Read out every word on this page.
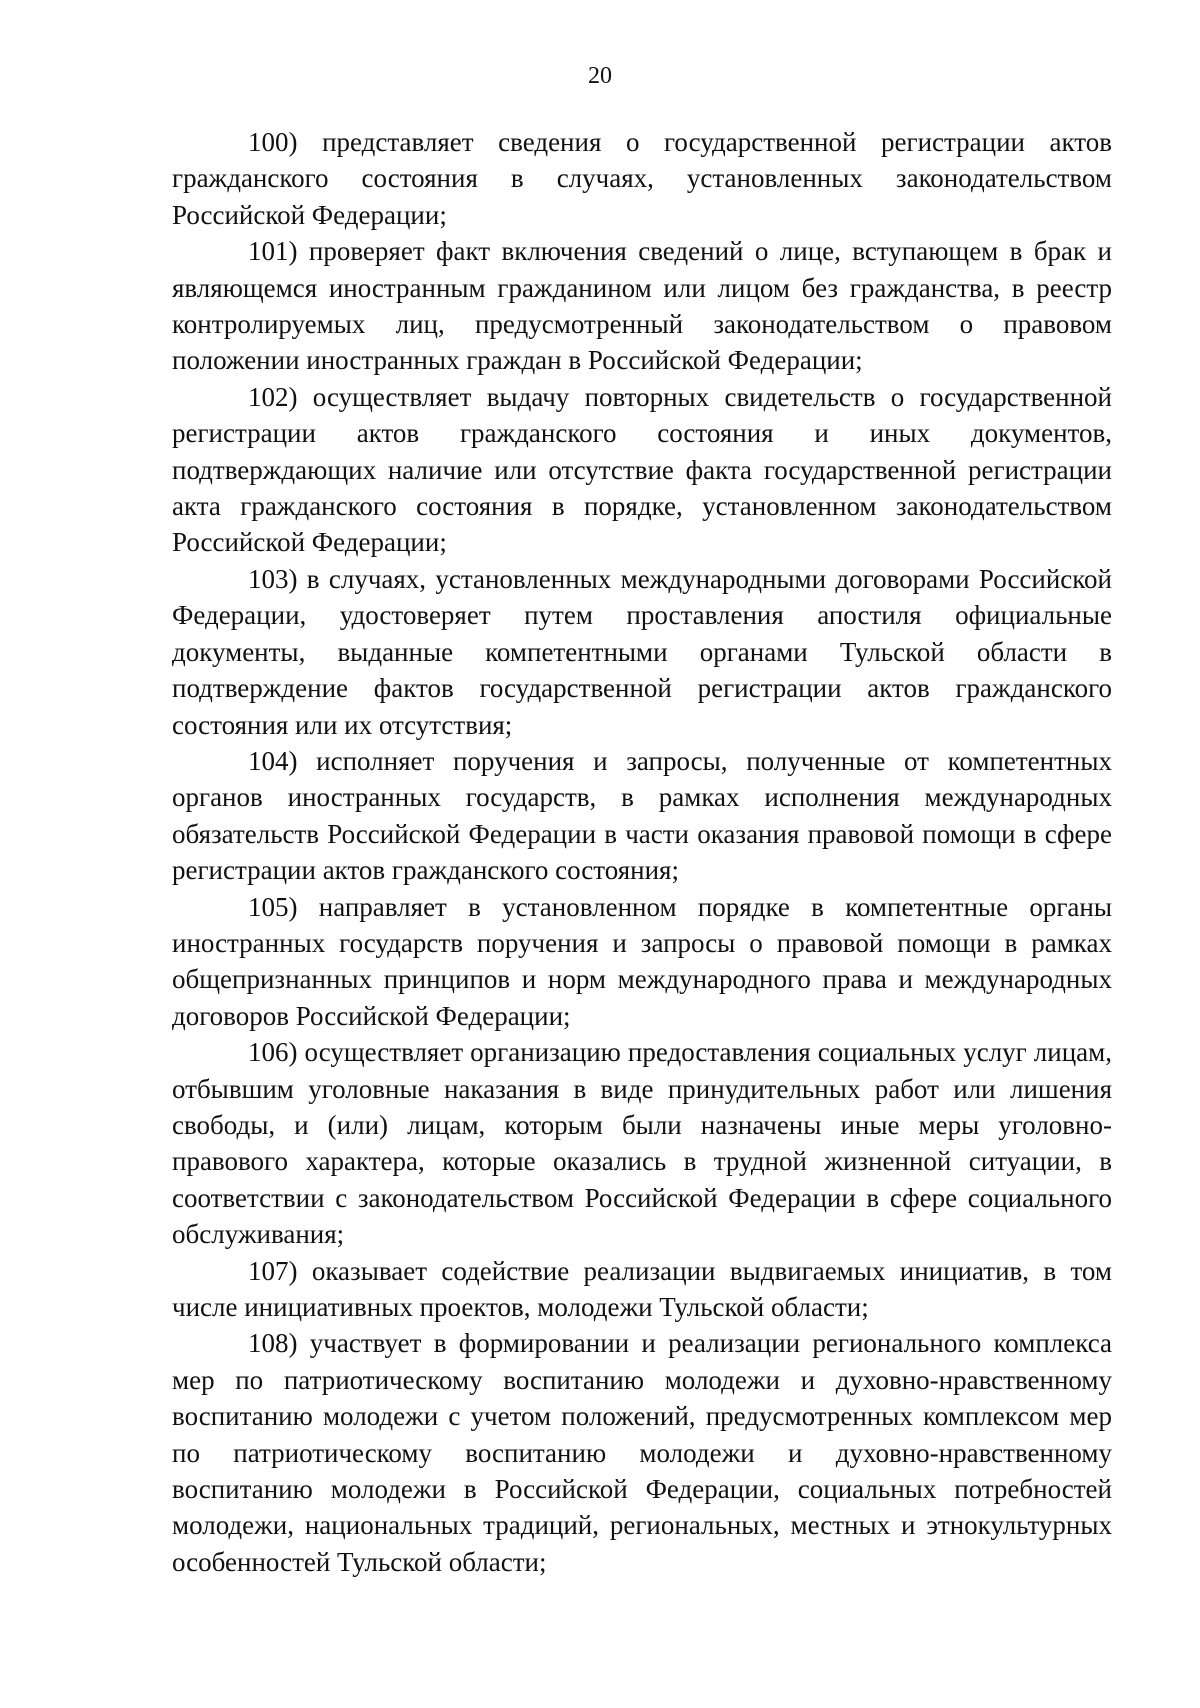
20

100) представляет сведения о государственной регистрации актов гражданского состояния в случаях, установленных законодательством Российской Федерации;

101) проверяет факт включения сведений о лице, вступающем в брак и являющемся иностранным гражданином или лицом без гражданства, в реестр контролируемых лиц, предусмотренный законодательством о правовом положении иностранных граждан в Российской Федерации;

102) осуществляет выдачу повторных свидетельств о государственной регистрации актов гражданского состояния и иных документов, подтверждающих наличие или отсутствие факта государственной регистрации акта гражданского состояния в порядке, установленном законодательством Российской Федерации;

103) в случаях, установленных международными договорами Российской Федерации, удостоверяет путем проставления апостиля официальные документы, выданные компетентными органами Тульской области в подтверждение фактов государственной регистрации актов гражданского состояния или их отсутствия;

104) исполняет поручения и запросы, полученные от компетентных органов иностранных государств, в рамках исполнения международных обязательств Российской Федерации в части оказания правовой помощи в сфере регистрации актов гражданского состояния;

105) направляет в установленном порядке в компетентные органы иностранных государств поручения и запросы о правовой помощи в рамках общепризнанных принципов и норм международного права и международных договоров Российской Федерации;

106) осуществляет организацию предоставления социальных услуг лицам, отбывшим уголовные наказания в виде принудительных работ или лишения свободы, и (или) лицам, которым были назначены иные меры уголовно-правового характера, которые оказались в трудной жизненной ситуации, в соответствии с законодательством Российской Федерации в сфере социального обслуживания;

107) оказывает содействие реализации выдвигаемых инициатив, в том числе инициативных проектов, молодежи Тульской области;

108) участвует в формировании и реализации регионального комплекса мер по патриотическому воспитанию молодежи и духовно-нравственному воспитанию молодежи с учетом положений, предусмотренных комплексом мер по патриотическому воспитанию молодежи и духовно-нравственному воспитанию молодежи в Российской Федерации, социальных потребностей молодежи, национальных традиций, региональных, местных и этнокультурных особенностей Тульской области;
